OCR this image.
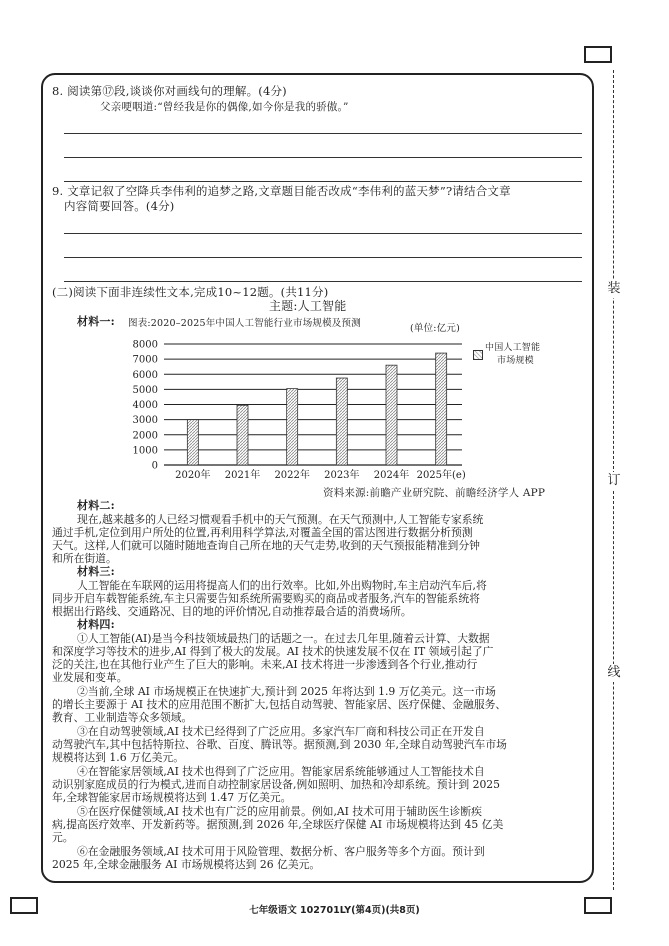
装
订
线
8. 阅读第⑰段,谈谈你对画线句的理解。(4分)
父亲哽咽道:“曾经我是你的偶像,如今你是我的骄傲。”
9. 文章记叙了空降兵李伟利的追梦之路,文章题目能否改成“李伟利的蓝天梦”?请结合文章
内容简要回答。(4分)
(二)阅读下面非连续性文本,完成10~12题。(共11分)
主题:人工智能
材料一: 图表:2020–2025年中国人工智能行业市场规模及预测	(单位:亿元)
0
1000
2000
3000
4000
5000
6000
7000
8000
2020年 2021年 2022年 2023年 2024年 2025年(e)
中国人工智能
市场规模
资料来源:前瞻产业研究院、前瞻经济学人 APP
材料二:
现在,越来越多的人已经习惯观看手机中的天气预测。在天气预测中,人工智能专家系统
通过手机,定位到用户所处的位置,再利用科学算法,对覆盖全国的雷达图进行数据分析预测
天气。这样,人们就可以随时随地查询自己所在地的天气走势,收到的天气预报能精准到分钟
和所在街道。
材料三:
人工智能在车联网的运用将提高人们的出行效率。比如,外出购物时,车主启动汽车后,将
同步开启车载智能系统,车主只需要告知系统所需要购买的商品或者服务,汽车的智能系统将
根据出行路线、交通路况、目的地的评价情况,自动推荐最合适的消费场所。
材料四:
①人工智能(AI)是当今科技领域最热门的话题之一。在过去几年里,随着云计算、大数据
和深度学习等技术的进步,AI 得到了极大的发展。AI 技术的快速发展不仅在 IT 领域引起了广
泛的关注,也在其他行业产生了巨大的影响。未来,AI 技术将进一步渗透到各个行业,推动行
业发展和变革。
②当前,全球 AI 市场规模正在快速扩大,预计到 2025 年将达到 1.9 万亿美元。这一市场
的增长主要源于 AI 技术的应用范围不断扩大,包括自动驾驶、智能家居、医疗保健、金融服务、
教育、工业制造等众多领域。
③在自动驾驶领域,AI 技术已经得到了广泛应用。多家汽车厂商和科技公司正在开发自
动驾驶汽车,其中包括特斯拉、谷歌、百度、腾讯等。据预测,到 2030 年,全球自动驾驶汽车市场
规模将达到 1.6 万亿美元。
④在智能家居领域,AI 技术也得到了广泛应用。智能家居系统能够通过人工智能技术自
动识别家庭成员的行为模式,进而自动控制家居设备,例如照明、加热和冷却系统。预计到 2025
年,全球智能家居市场规模将达到 1.47 万亿美元。
⑤在医疗保健领域,AI 技术也有广泛的应用前景。例如,AI 技术可用于辅助医生诊断疾
病,提高医疗效率、开发新药等。据预测,到 2026 年,全球医疗保健 AI 市场规模将达到 45 亿美
元。
⑥在金融服务领域,AI 技术可用于风险管理、数据分析、客户服务等多个方面。预计到
2025 年,全球金融服务 AI 市场规模将达到 26 亿美元。
七年级语文 102701LY(第4页)(共8页)
